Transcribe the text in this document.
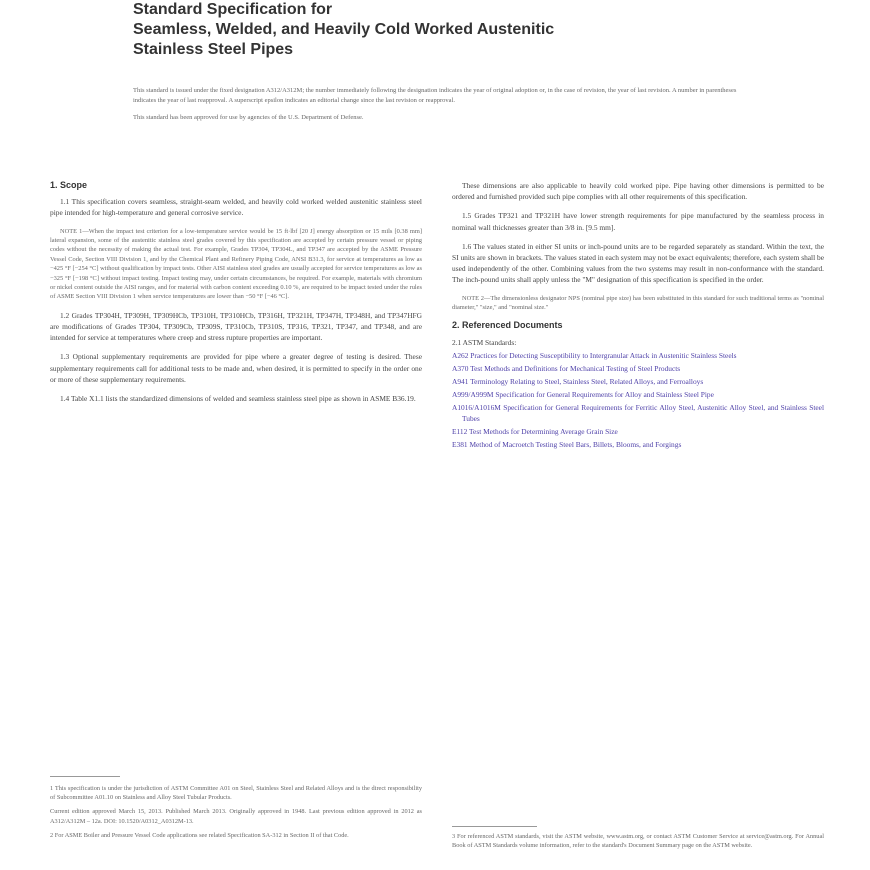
Standard Specification for
Seamless, Welded, and Heavily Cold Worked Austenitic
Stainless Steel Pipes

This standard is issued under the fixed designation A312/A312M; the number immediately following the designation indicates the year of original adoption or, in the case of revision, the year of last revision. A number in parentheses indicates the year of last reapproval. A superscript epsilon indicates an editorial change since the last revision or reapproval.

This standard has been approved for use by agencies of the U.S. Department of Defense.

1. Scope

1.1 This specification covers seamless, straight-seam welded, and heavily cold worked welded austenitic stainless steel pipe intended for high-temperature and general corrosive service.

NOTE 1—When the impact test criterion for a low-temperature service would be 15 ft·lbf [20 J] energy absorption or 15 mils [0.38 mm] lateral expansion, some of the austenitic stainless steel grades covered by this specification are accepted by certain pressure vessel or piping codes without the necessity of making the actual test. For example, Grades TP304, TP304L, and TP347 are accepted by the ASME Pressure Vessel Code, Section VIII Division 1, and by the Chemical Plant and Refinery Piping Code, ANSI B31.3, for service at temperatures as low as −425 °F [−254 °C] without qualification by impact tests. Other AISI stainless steel grades are usually accepted for service temperatures as low as −325 °F [−198 °C] without impact testing. Impact testing may, under certain circumstances, be required. For example, materials with chromium or nickel content outside the AISI ranges, and for material with carbon content exceeding 0.10 %, are required to be impact tested under the rules of ASME Section VIII Division 1 when service temperatures are lower than −50 °F [−46 °C].

1.2 Grades TP304H, TP309H, TP309HCb, TP310H, TP310HCb, TP316H, TP321H, TP347H, TP348H, and TP347HFG are modifications of Grades TP304, TP309Cb, TP309S, TP310Cb, TP310S, TP316, TP321, TP347, and TP348, and are intended for service at temperatures where creep and stress rupture properties are important.

1.3 Optional supplementary requirements are provided for pipe where a greater degree of testing is desired. These supplementary requirements call for additional tests to be made and, when desired, it is permitted to specify in the order one or more of these supplementary requirements.

1.4 Table X1.1 lists the standardized dimensions of welded and seamless stainless steel pipe as shown in ASME B36.19.

These dimensions are also applicable to heavily cold worked pipe. Pipe having other dimensions is permitted to be ordered and furnished provided such pipe complies with all other requirements of this specification.

1.5 Grades TP321 and TP321H have lower strength requirements for pipe manufactured by the seamless process in nominal wall thicknesses greater than 3/8 in. [9.5 mm].

1.6 The values stated in either SI units or inch-pound units are to be regarded separately as standard. Within the text, the SI units are shown in brackets. The values stated in each system may not be exact equivalents; therefore, each system shall be used independently of the other. Combining values from the two systems may result in non-conformance with the standard. The inch-pound units shall apply unless the "M" designation of this specification is specified in the order.

NOTE 2—The dimensionless designator NPS (nominal pipe size) has been substituted in this standard for such traditional terms as "nominal diameter," "size," and "nominal size."

2. Referenced Documents
2.1 ASTM Standards:
A262 Practices for Detecting Susceptibility to Intergranular Attack in Austenitic Stainless Steels
A370 Test Methods and Definitions for Mechanical Testing of Steel Products
A941 Terminology Relating to Steel, Stainless Steel, Related Alloys, and Ferroalloys
A999/A999M Specification for General Requirements for Alloy and Stainless Steel Pipe
A1016/A1016M Specification for General Requirements for Ferritic Alloy Steel, Austenitic Alloy Steel, and Stainless Steel Tubes
E112 Test Methods for Determining Average Grain Size
E381 Method of Macroetch Testing Steel Bars, Billets, Blooms, and Forgings

1 This specification is under the jurisdiction of ASTM Committee A01 on Steel, Stainless Steel and Related Alloys and is the direct responsibility of Subcommittee A01.10 on Stainless and Alloy Steel Tubular Products.

Current edition approved March 15, 2013. Published March 2013. Originally approved in 1948. Last previous edition approved in 2012 as A312/A312M – 12a. DOI: 10.1520/A0312_A0312M-13.

2 For ASME Boiler and Pressure Vessel Code applications see related Specification SA-312 in Section II of that Code.	3 For referenced ASTM standards, visit the ASTM website, www.astm.org, or contact ASTM Customer Service at service@astm.org. For Annual Book of ASTM Standards volume information, refer to the standard's Document Summary page on the ASTM website.
